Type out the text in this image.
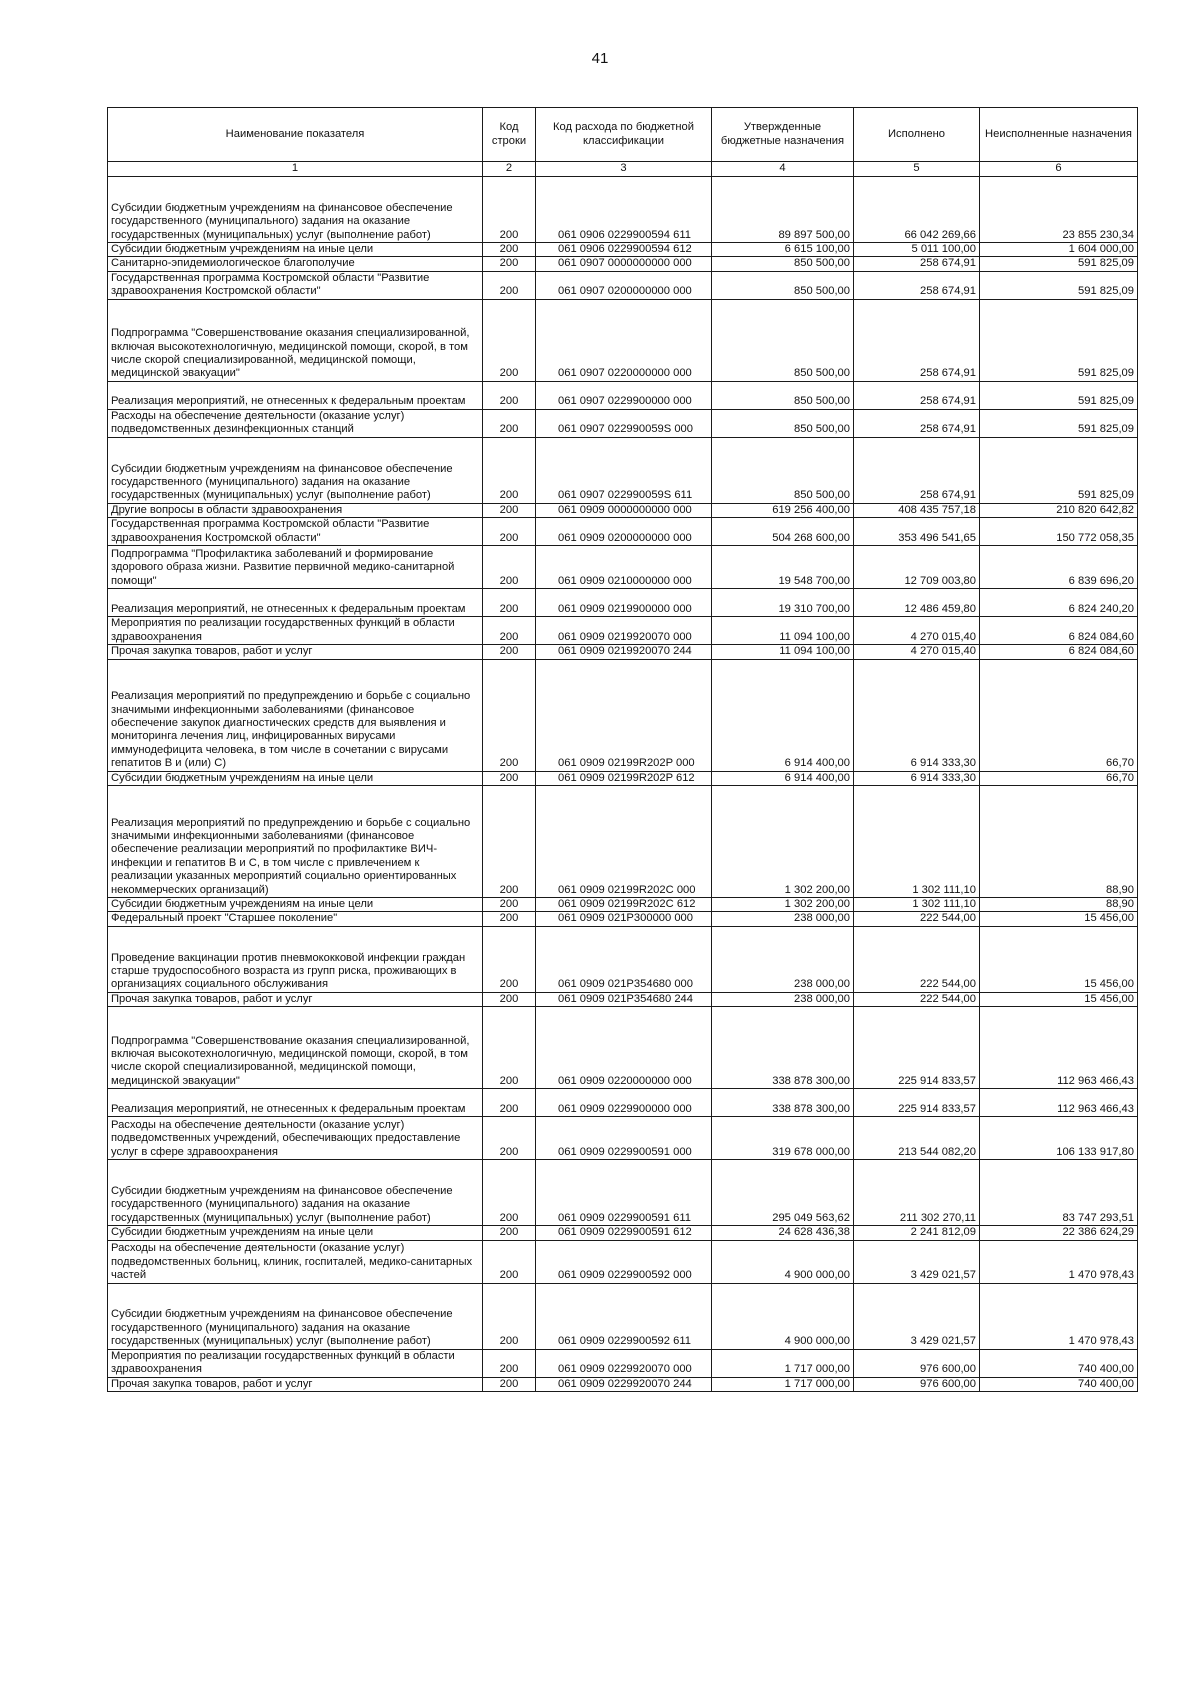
41
Наименование показателя	Код строки	Код расхода по бюджетной классификации	Утвержденные бюджетные назначения	Исполнено	Неисполненные назначения
1	2	3	4	5	6
Субсидии бюджетным учреждениям на финансовое обеспечение государственного (муниципального) задания на оказание государственных (муниципальных) услуг (выполнение работ)	200	061 0906 0229900594 611	89 897 500,00	66 042 269,66	23 855 230,34
Субсидии бюджетным учреждениям на иные цели	200	061 0906 0229900594 612	6 615 100,00	5 011 100,00	1 604 000,00
Санитарно-эпидемиологическое благополучие	200	061 0907 0000000000 000	850 500,00	258 674,91	591 825,09
Государственная программа Костромской области "Развитие здравоохранения Костромской области"	200	061 0907 0200000000 000	850 500,00	258 674,91	591 825,09
Подпрограмма "Совершенствование оказания специализированной, включая высокотехнологичную, медицинской помощи, скорой, в том числе скорой специализированной, медицинской помощи, медицинской эвакуации"	200	061 0907 0220000000 000	850 500,00	258 674,91	591 825,09
Реализация мероприятий, не отнесенных к федеральным проектам	200	061 0907 0229900000 000	850 500,00	258 674,91	591 825,09
Расходы на обеспечение деятельности (оказание услуг) подведомственных дезинфекционных станций	200	061 0907 022990059S 000	850 500,00	258 674,91	591 825,09
Субсидии бюджетным учреждениям на финансовое обеспечение государственного (муниципального) задания на оказание государственных (муниципальных) услуг (выполнение работ)	200	061 0907 022990059S 611	850 500,00	258 674,91	591 825,09
Другие вопросы в области здравоохранения	200	061 0909 0000000000 000	619 256 400,00	408 435 757,18	210 820 642,82
Государственная программа Костромской области "Развитие здравоохранения Костромской области"	200	061 0909 0200000000 000	504 268 600,00	353 496 541,65	150 772 058,35
Подпрограмма "Профилактика заболеваний и формирование здорового образа жизни. Развитие первичной медико-санитарной помощи"	200	061 0909 0210000000 000	19 548 700,00	12 709 003,80	6 839 696,20
Реализация мероприятий, не отнесенных к федеральным проектам	200	061 0909 0219900000 000	19 310 700,00	12 486 459,80	6 824 240,20
Мероприятия по реализации государственных функций в области здравоохранения	200	061 0909 0219920070 000	11 094 100,00	4 270 015,40	6 824 084,60
Прочая закупка товаров, работ и услуг	200	061 0909 0219920070 244	11 094 100,00	4 270 015,40	6 824 084,60
Реализация мероприятий по предупреждению и борьбе с социально значимыми инфекционными заболеваниями (финансовое обеспечение закупок диагностических средств для выявления и мониторинга лечения лиц, инфицированных вирусами иммунодефицита человека, в том числе в сочетании с вирусами гепатитов B и (или) C)	200	061 0909 02199R202P 000	6 914 400,00	6 914 333,30	66,70
Субсидии бюджетным учреждениям на иные цели	200	061 0909 02199R202P 612	6 914 400,00	6 914 333,30	66,70
Реализация мероприятий по предупреждению и борьбе с социально значимыми инфекционными заболеваниями (финансовое обеспечение реализации мероприятий по профилактике ВИЧ- инфекции и гепатитов B и C, в том числе с привлечением к реализации указанных мероприятий социально ориентированных некоммерческих организаций)	200	061 0909 02199R202C 000	1 302 200,00	1 302 111,10	88,90
Субсидии бюджетным учреждениям на иные цели	200	061 0909 02199R202C 612	1 302 200,00	1 302 111,10	88,90
Федеральный проект "Старшее поколение"	200	061 0909 021P300000 000	238 000,00	222 544,00	15 456,00
Проведение вакцинации против пневмококковой инфекции граждан старше трудоспособного возраста из групп риска, проживающих в организациях социального обслуживания	200	061 0909 021P354680 000	238 000,00	222 544,00	15 456,00
Прочая закупка товаров, работ и услуг	200	061 0909 021P354680 244	238 000,00	222 544,00	15 456,00
Подпрограмма "Совершенствование оказания специализированной, включая высокотехнологичную, медицинской помощи, скорой, в том числе скорой специализированной, медицинской помощи, медицинской эвакуации"	200	061 0909 0220000000 000	338 878 300,00	225 914 833,57	112 963 466,43
Реализация мероприятий, не отнесенных к федеральным проектам	200	061 0909 0229900000 000	338 878 300,00	225 914 833,57	112 963 466,43
Расходы на обеспечение деятельности (оказание услуг) подведомственных учреждений, обеспечивающих предоставление услуг в сфере здравоохранения	200	061 0909 0229900591 000	319 678 000,00	213 544 082,20	106 133 917,80
Субсидии бюджетным учреждениям на финансовое обеспечение государственного (муниципального) задания на оказание государственных (муниципальных) услуг (выполнение работ)	200	061 0909 0229900591 611	295 049 563,62	211 302 270,11	83 747 293,51
Субсидии бюджетным учреждениям на иные цели	200	061 0909 0229900591 612	24 628 436,38	2 241 812,09	22 386 624,29
Расходы на обеспечение деятельности (оказание услуг) подведомственных больниц, клиник, госпиталей, медико-санитарных частей	200	061 0909 0229900592 000	4 900 000,00	3 429 021,57	1 470 978,43
Субсидии бюджетным учреждениям на финансовое обеспечение государственного (муниципального) задания на оказание государственных (муниципальных) услуг (выполнение работ)	200	061 0909 0229900592 611	4 900 000,00	3 429 021,57	1 470 978,43
Мероприятия по реализации государственных функций в области здравоохранения	200	061 0909 0229920070 000	1 717 000,00	976 600,00	740 400,00
Прочая закупка товаров, работ и услуг	200	061 0909 0229920070 244	1 717 000,00	976 600,00	740 400,00
